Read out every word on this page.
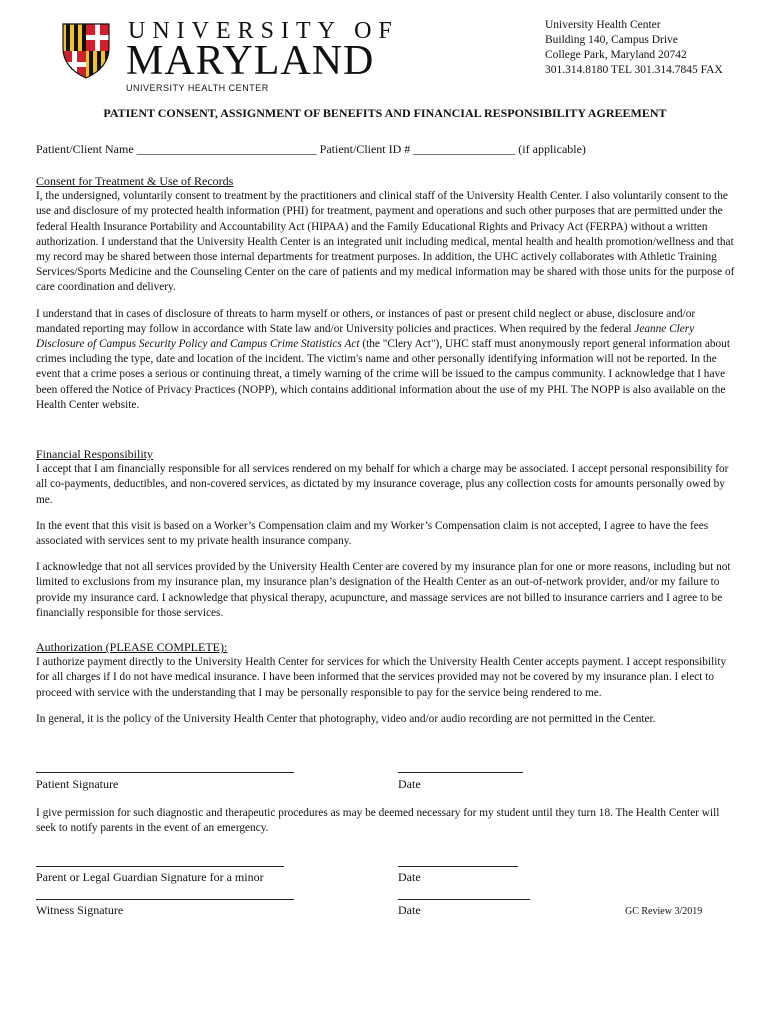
UNIVERSITY OF
MARYLAND
UNIVERSITY HEALTH CENTER
University Health Center
Building 140, Campus Drive
College Park, Maryland 20742
301.314.8180 TEL 301.314.7845 FAX
PATIENT CONSENT, ASSIGNMENT OF BENEFITS AND FINANCIAL RESPONSIBILITY AGREEMENT
Patient/Client Name ______________________________ Patient/Client ID # _________________ (if applicable)
Consent for Treatment & Use of Records

I, the undersigned, voluntarily consent to treatment by the practitioners and clinical staff of the University Health Center. I also voluntarily consent to the use and disclosure of my protected health information (PHI) for treatment, payment and operations and such other purposes that are permitted under the federal Health Insurance Portability and Accountability Act (HIPAA) and the Family Educational Rights and Privacy Act (FERPA) without a written authorization. I understand that the University Health Center is an integrated unit including medical, mental health and health promotion/wellness and that my record may be shared between those internal departments for treatment purposes. In addition, the UHC actively collaborates with Athletic Training Services/Sports Medicine and the Counseling Center on the care of patients and my medical information may be shared with those units for the purpose of care coordination and delivery.

I understand that in cases of disclosure of threats to harm myself or others, or instances of past or present child neglect or abuse, disclosure and/or mandated reporting may follow in accordance with State law and/or University policies and practices. When required by the federal Jeanne Clery Disclosure of Campus Security Policy and Campus Crime Statistics Act (the "Clery Act"), UHC staff must anonymously report general information about crimes including the type, date and location of the incident. The victim's name and other personally identifying information will not be reported. In the event that a crime poses a serious or continuing threat, a timely warning of the crime will be issued to the campus community. I acknowledge that I have been offered the Notice of Privacy Practices (NOPP), which contains additional information about the use of my PHI. The NOPP is also available on the Health Center website.

Financial Responsibility

I accept that I am financially responsible for all services rendered on my behalf for which a charge may be associated. I accept personal responsibility for all co-payments, deductibles, and non-covered services, as dictated by my insurance coverage, plus any collection costs for amounts personally owed by me.

In the event that this visit is based on a Worker’s Compensation claim and my Worker’s Compensation claim is not accepted, I agree to have the fees associated with services sent to my private health insurance company.

I acknowledge that not all services provided by the University Health Center are covered by my insurance plan for one or more reasons, including but not limited to exclusions from my insurance plan, my insurance plan’s designation of the Health Center as an out-of-network provider, and/or my failure to provide my insurance card. I acknowledge that physical therapy, acupuncture, and massage services are not billed to insurance carriers and I agree to be financially responsible for those services.

Authorization (PLEASE COMPLETE):

I authorize payment directly to the University Health Center for services for which the University Health Center accepts payment. I accept responsibility for all charges if I do not have medical insurance. I have been informed that the services provided may not be covered by my insurance plan. I elect to proceed with service with the understanding that I may be personally responsible to pay for the service being rendered to me.

In general, it is the policy of the University Health Center that photography, video and/or audio recording are not permitted in the Center.

Patient Signature	Date

I give permission for such diagnostic and therapeutic procedures as may be deemed necessary for my student until they turn 18. The Health Center will seek to notify parents in the event of an emergency.

Parent or Legal Guardian Signature for a minor	Date
Witness Signature	Date	GC Review 3/2019
